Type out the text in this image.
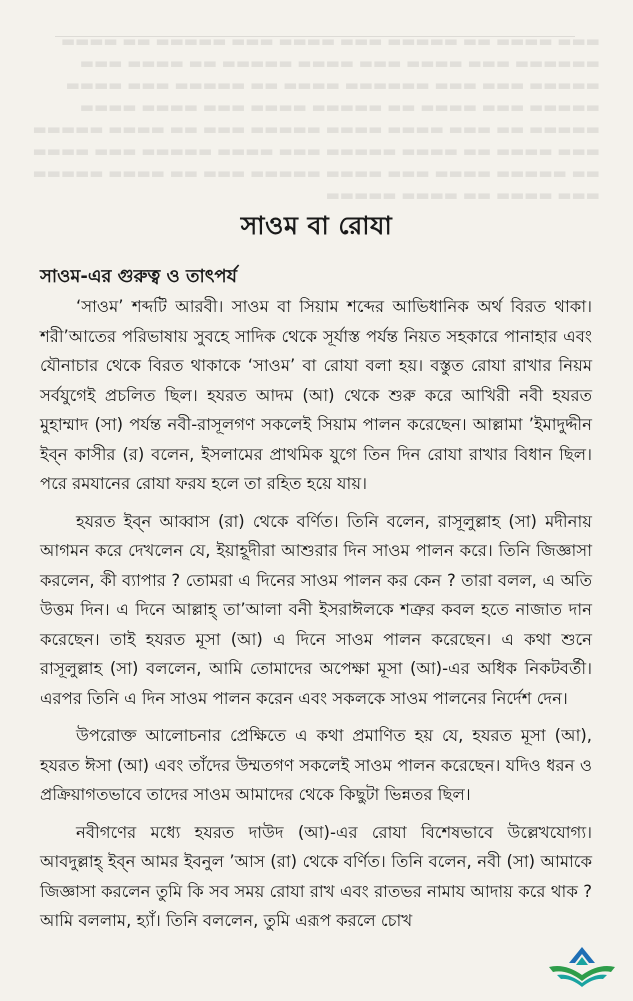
▬▬▬ ▬▬▬▬ ▬▬ ▬▬▬▬▬ ▬▬▬ ▬▬▬▬ ▬▬▬ ▬▬▬▬▬ ▬▬ ▬▬▬▬ ▬▬▬▬▬▬ ▬▬▬ ▬▬▬▬ ▬▬▬ ▬▬▬▬ ▬▬▬▬▬ ▬▬ ▬▬▬▬ ▬▬▬ ▬▬▬▬▬ ▬▬▬ ▬▬▬ ▬▬▬▬▬▬ ▬▬▬▬ ▬▬ ▬▬▬▬▬ ▬▬▬ ▬▬▬▬ ▬▬▬▬▬ ▬▬▬ ▬▬▬▬ ▬▬ ▬▬▬▬▬ ▬▬▬▬ ▬▬▬ ▬▬▬▬ ▬▬▬▬ ▬▬▬▬▬ ▬▬ ▬▬▬ ▬▬▬▬ ▬▬▬▬ ▬▬▬▬▬ ▬▬▬ ▬▬ ▬▬▬▬ ▬▬▬▬▬ ▬▬▬ ▬▬▬▬ ▬▬ ▬▬▬▬ ▬▬▬▬▬ ▬▬▬ ▬▬▬▬ ▬▬▬▬▬ ▬▬▬ ▬▬▬▬ ▬▬ ▬▬▬▬▬ ▬▬▬▬ ▬▬▬ ▬▬▬▬ ▬▬▬▬▬ ▬▬▬ ▬▬ ▬▬▬▬ ▬▬▬▬▬ ▬▬▬ ▬▬▬▬ ▬▬ ▬▬▬▬ ▬▬▬▬▬
সাওম বা রোযা
সাওম-এর গুরুত্ব ও তাৎপর্য

‘সাওম’ শব্দটি আরবী। সাওম বা সিয়াম শব্দের আভিধানিক অর্থ বিরত থাকা। শরী’আতের পরিভাষায় সুবহে সাদিক থেকে সূর্যাস্ত পর্যন্ত নিয়ত সহকারে পানাহার এবং যৌনাচার থেকে বিরত থাকাকে ‘সাওম’ বা রোযা বলা হয়। বস্তুত রোযা রাখার নিয়ম সর্বযুগেই প্রচলিত ছিল। হযরত আদম (আ) থেকে শুরু করে আখিরী নবী হযরত মুহাম্মাদ (সা) পর্যন্ত নবী-রাসূলগণ সকলেই সিয়াম পালন করেছেন। আল্লামা ’ইমাদুদ্দীন ইব্‌ন কাসীর (র) বলেন, ইসলামের প্রাথমিক যুগে তিন দিন রোযা রাখার বিধান ছিল। পরে রমযানের রোযা ফরয হলে তা রহিত হয়ে যায়।

হযরত ইব্‌ন আব্বাস (রা) থেকে বর্ণিত। তিনি বলেন, রাসূলুল্লাহ (সা) মদীনায় আগমন করে দেখলেন যে, ইয়াহূদীরা আশুরার দিন সাওম পালন করে। তিনি জিজ্ঞাসা করলেন, কী ব্যাপার ? তোমরা এ দিনের সাওম পালন কর কেন ? তারা বলল, এ অতি উত্তম দিন। এ দিনে আল্লাহ্‌ তা’আলা বনী ইসরাঈলকে শত্রুর কবল হতে নাজাত দান করেছেন। তাই হযরত মূসা (আ) এ দিনে সাওম পালন করেছেন। এ কথা শুনে রাসূলুল্লাহ (সা) বললেন, আমি তোমাদের অপেক্ষা মূসা (আ)-এর অধিক নিকটবর্তী। এরপর তিনি এ দিন সাওম পালন করেন এবং সকলকে সাওম পালনের নির্দেশ দেন।

উপরোক্ত আলোচনার প্রেক্ষিতে এ কথা প্রমাণিত হয় যে, হযরত মূসা (আ), হযরত ঈসা (আ) এবং তাঁদের উম্মতগণ সকলেই সাওম পালন করেছেন। যদিও ধরন ও প্রক্রিয়াগতভাবে তাদের সাওম আমাদের থেকে কিছুটা ভিন্নতর ছিল।

নবীগণের মধ্যে হযরত দাউদ (আ)-এর রোযা বিশেষভাবে উল্লেখযোগ্য। আবদুল্লাহ্‌ ইব্‌ন আমর ইবনুল ’আস (রা) থেকে বর্ণিত। তিনি বলেন, নবী (সা) আমাকে জিজ্ঞাসা করলেন তুমি কি সব সময় রোযা রাখ এবং রাতভর নামায আদায় করে থাক ? আমি বললাম, হ্যাঁ। তিনি বললেন, তুমি এরূপ করলে চোখ
